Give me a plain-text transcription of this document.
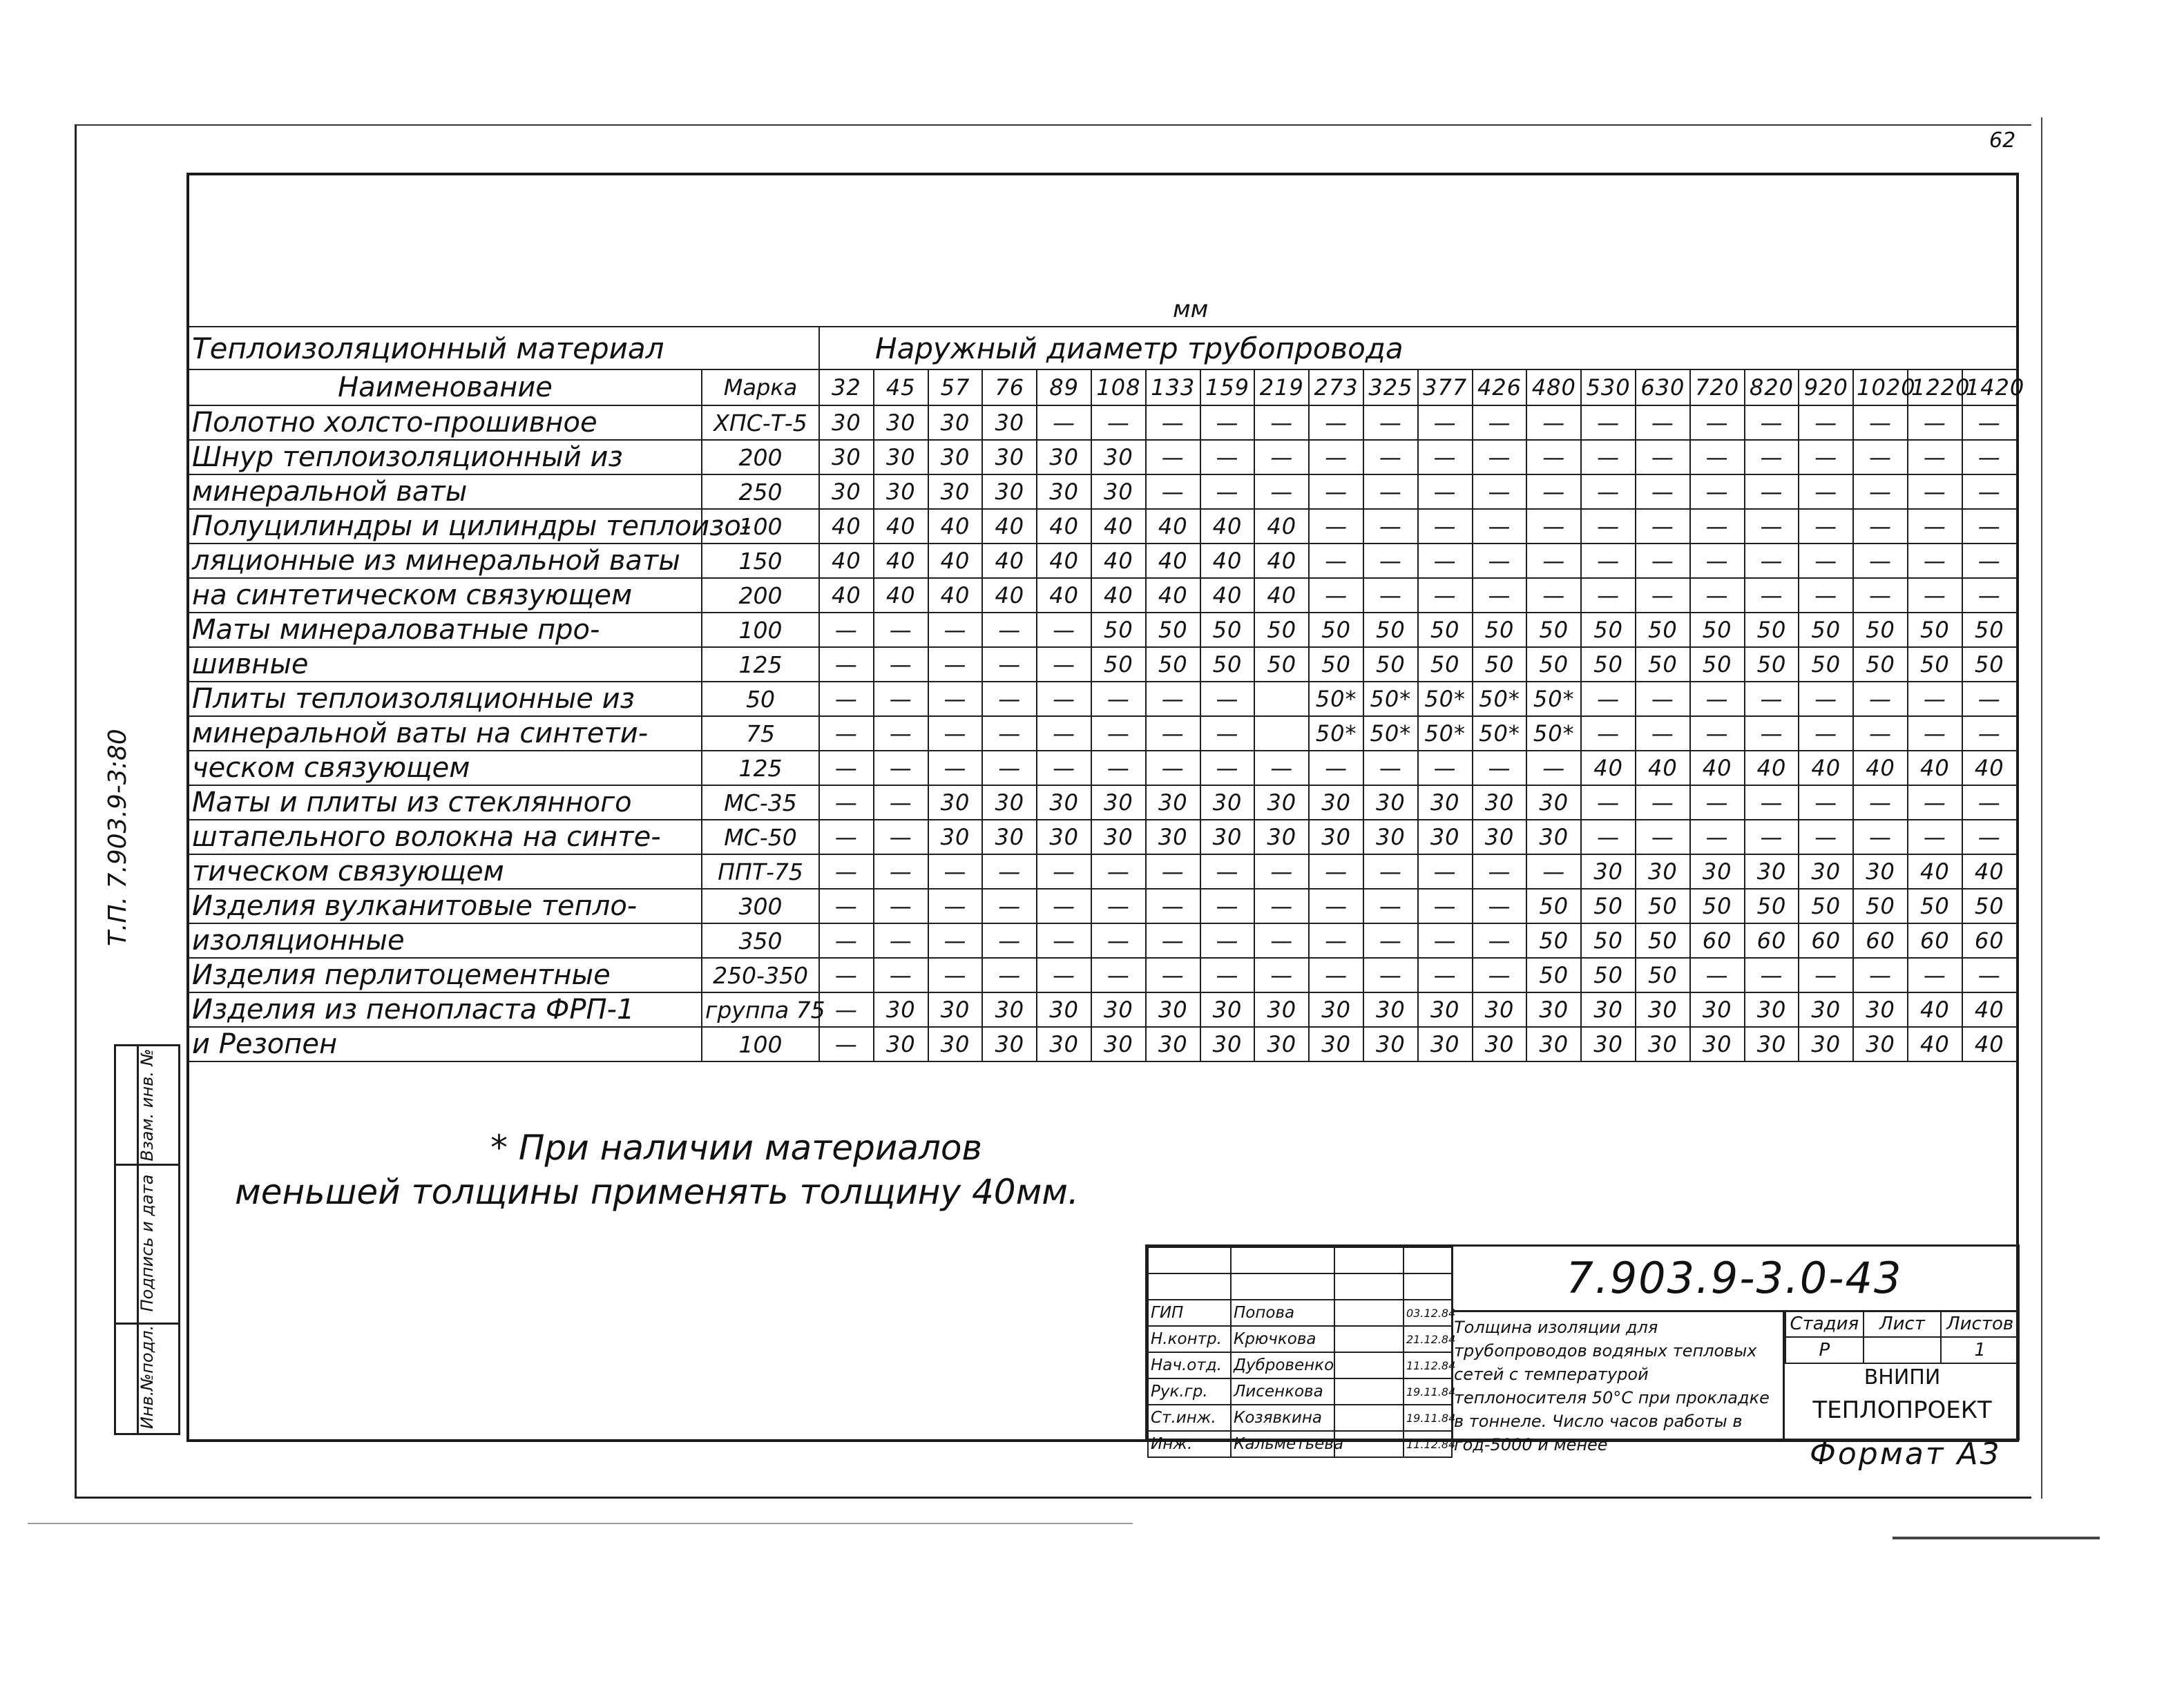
62
мм
Теплоизоляционный материал		Наружный диаметр трубопровода																					
Наименование	Марка	32	45	57	76	89	108	133	159	219	273	325	377	426	480	530	630	720	820	920	1020	1220	1420
Полотно холсто-прошивное	ХПС-Т-5	30	30	30	30	—	—	—	—	—	—	—	—	—	—	—	—	—	—	—	—	—	—
Шнур теплоизоляционный из	200	30	30	30	30	30	30	—	—	—	—	—	—	—	—	—	—	—	—	—	—	—	—
минеральной ваты	250	30	30	30	30	30	30	—	—	—	—	—	—	—	—	—	—	—	—	—	—	—	—
Полуцилиндры и цилиндры теплоизо-	100	40	40	40	40	40	40	40	40	40	—	—	—	—	—	—	—	—	—	—	—	—	—
ляционные из минеральной ваты	150	40	40	40	40	40	40	40	40	40	—	—	—	—	—	—	—	—	—	—	—	—	—
на синтетическом связующем	200	40	40	40	40	40	40	40	40	40	—	—	—	—	—	—	—	—	—	—	—	—	—
Маты минераловатные про-	100	—	—	—	—	—	50	50	50	50	50	50	50	50	50	50	50	50	50	50	50	50	50
шивные	125	—	—	—	—	—	50	50	50	50	50	50	50	50	50	50	50	50	50	50	50	50	50
Плиты теплоизоляционные из	50	—	—	—	—	—	—	—	—		50*	50*	50*	50*	50*	—	—	—	—	—	—	—	—
минеральной ваты на синтети-	75	—	—	—	—	—	—	—	—		50*	50*	50*	50*	50*	—	—	—	—	—	—	—	—
ческом связующем	125	—	—	—	—	—	—	—	—	—	—	—	—	—	—	40	40	40	40	40	40	40	40
Маты и плиты из стеклянного	МС-35	—	—	30	30	30	30	30	30	30	30	30	30	30	30	—	—	—	—	—	—	—	—
штапельного волокна на синте-	МС-50	—	—	30	30	30	30	30	30	30	30	30	30	30	30	—	—	—	—	—	—	—	—
тическом связующем	ППТ-75	—	—	—	—	—	—	—	—	—	—	—	—	—	—	30	30	30	30	30	30	40	40
Изделия вулканитовые тепло-	300	—	—	—	—	—	—	—	—	—	—	—	—	—	50	50	50	50	50	50	50	50	50
изоляционные	350	—	—	—	—	—	—	—	—	—	—	—	—	—	50	50	50	60	60	60	60	60	60
Изделия перлитоцементные	250-350	—	—	—	—	—	—	—	—	—	—	—	—	—	50	50	50	—	—	—	—	—	—
Изделия из пенопласта ФРП-1	группа 75	—	30	30	30	30	30	30	30	30	30	30	30	30	30	30	30	30	30	30	30	40	40
и Резопен	100	—	30	30	30	30	30	30	30	30	30	30	30	30	30	30	30	30	30	30	30	40	40
Т.П. 7.903.9-3:80
Взам. инв. №
Подпись и дата
Инв.№подл.
* При наличии материалов
меньшей толщины применять толщину 40мм.

ГИП	Попова		03.12.84
Н.контр.	Крючкова		21.12.84
Нач.отд.	Дубровенко		11.12.84
Рук.гр.	Лисенкова		19.11.84
Ст.инж.	Козявкина		19.11.84
Инж.	Кальметьева		11.12.84
7.903.9-3.0-43
Толщина изоляции для трубопроводов водяных тепловых сетей с температурой теплоносителя 50°С при прокладке в тоннеле. Число часов работы в год-5000 и менее
Стадия	Лист	Листов
Р		1
ВНИПИ
ТЕПЛОПРОЕКТ
Формат А3
